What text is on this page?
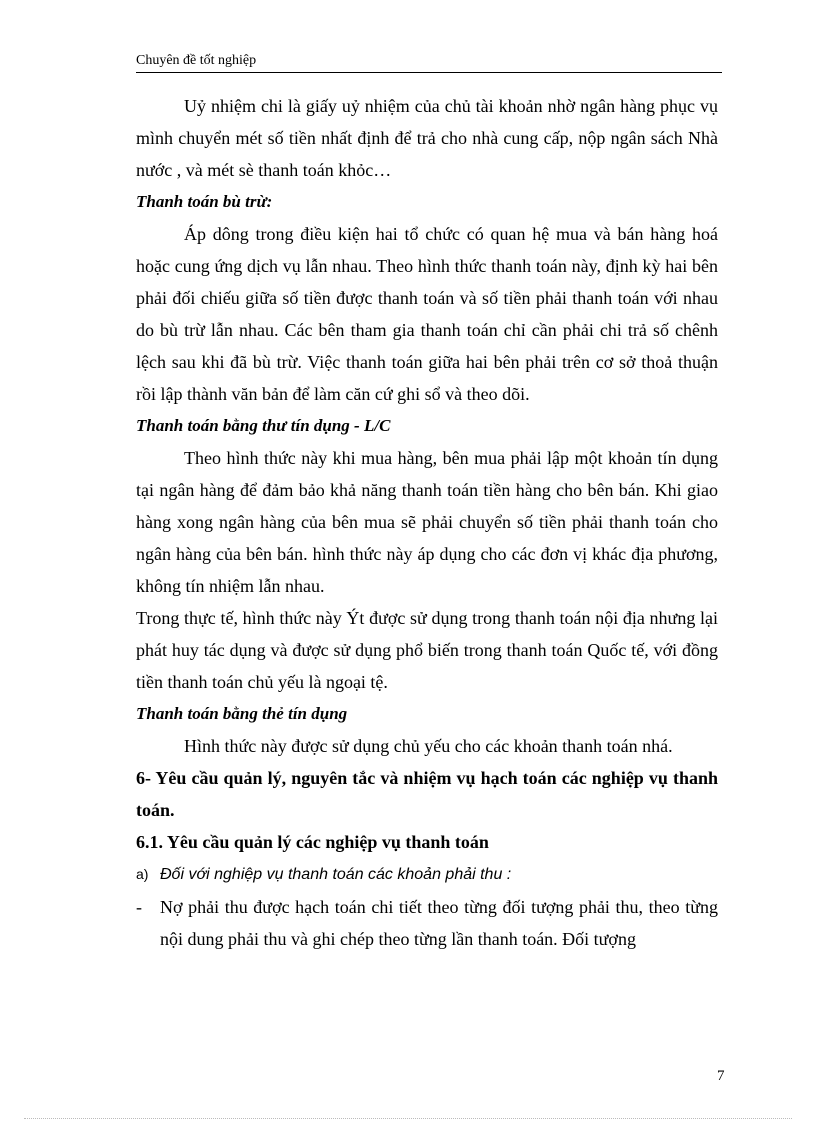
Chuyên đề tốt nghiệp

Uỷ nhiệm chi là giấy uỷ nhiệm của chủ tài khoản nhờ ngân hàng phục vụ mình chuyển mét số tiền nhất định để trả cho nhà cung cấp, nộp ngân sách Nhà nước , và mét sè thanh toán khỏc…

Thanh toán bù trừ:

Áp dông trong điều kiện hai tổ chức có quan hệ mua và bán hàng hoá hoặc cung ứng dịch vụ lẫn nhau. Theo hình thức thanh toán này, định kỳ hai bên phải đối chiếu giữa số tiền được thanh toán và số tiền phải thanh toán với nhau do bù trừ lẫn nhau. Các bên tham gia thanh toán chỉ cần phải chi trả số chênh lệch sau khi đã bù trừ. Việc thanh toán giữa hai bên phải trên cơ sở thoả thuận rồi lập thành văn bản để làm căn cứ ghi sổ và theo dõi.

Thanh toán bằng thư tín dụng - L/C

Theo hình thức này khi mua hàng, bên mua phải lập một khoản tín dụng tại ngân hàng để đảm bảo khả năng thanh toán tiền hàng cho bên bán. Khi giao hàng xong ngân hàng của bên mua sẽ phải chuyển số tiền phải thanh toán cho ngân hàng của bên bán. hình thức này áp dụng cho các đơn vị khác địa phương, không tín nhiệm lẫn nhau.

Trong thực tế, hình thức này Ýt được sử dụng trong thanh toán nội địa nhưng lại phát huy tác dụng và được sử dụng phổ biến trong thanh toán Quốc tế, với đồng tiền thanh toán chủ yếu là ngoại tệ.

Thanh toán bằng thẻ tín dụng

Hình thức này được sử dụng chủ yếu cho các khoản thanh toán nhá.

6- Yêu cầu quản lý, nguyên tắc và nhiệm vụ hạch toán các nghiệp vụ thanh toán.

6.1. Yêu cầu quản lý các nghiệp vụ thanh toán

a) Đối với nghiệp vụ thanh toán các khoản phải thu :

- Nợ phải thu được hạch toán chi tiết theo từng đối tượng phải thu, theo từng nội dung phải thu và ghi chép theo từng lần thanh toán. Đối tượng

7
